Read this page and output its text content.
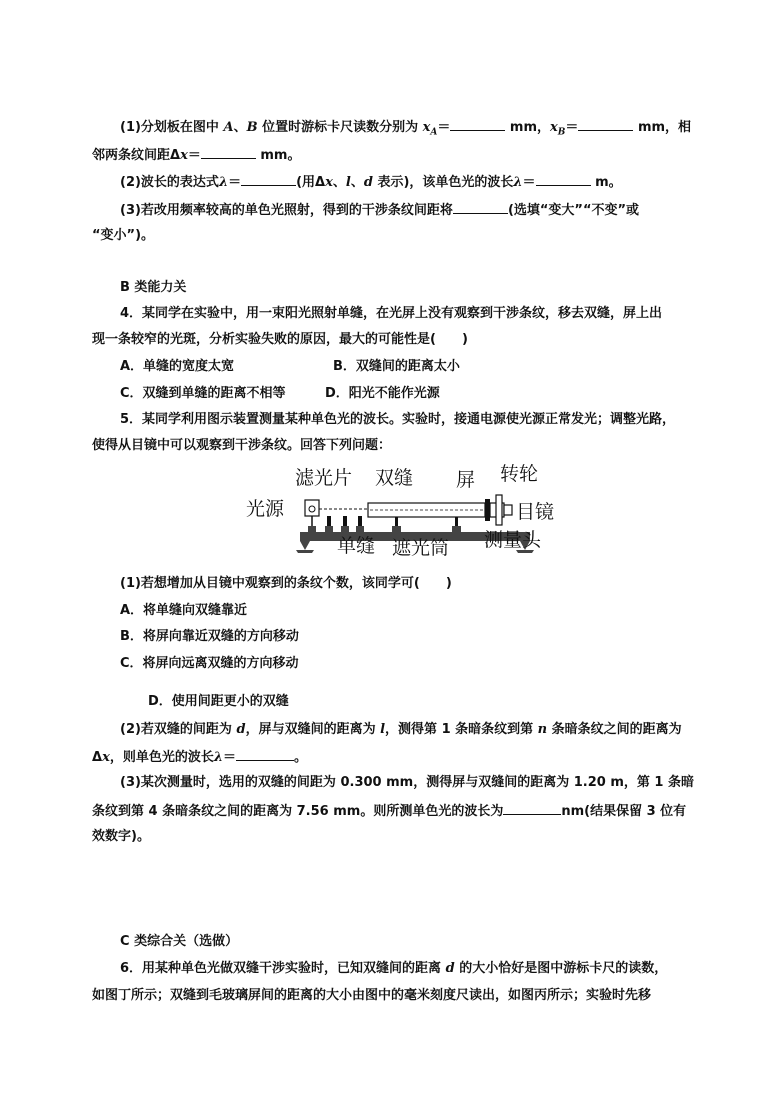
(1)分划板在图中 A、B 位置时游标卡尺读数分别为 $x_A=$	mm，$x_B=$	mm，相
邻两条纹间距Δx＝	mm。
(2)波长的表达式λ＝	(用Δx、l、d 表示)，该单色光的波长λ＝	m。
(3)若改用频率较高的单色光照射，得到的干涉条纹间距将	(选填“变大”“不变”或
“变小”)。
B 类能力关
4．某同学在实验中，用一束阳光照射单缝，在光屏上没有观察到干涉条纹，移去双缝，屏上出
现一条较窄的光斑，分析实验失败的原因，最大的可能性是(　　)
A．单缝的宽度太宽	B．双缝间的距离太小
C．双缝到单缝的距离不相等	D．阳光不能作光源
5．某同学利用图示装置测量某种单色光的波长。实验时，接通电源使光源正常发光；调整光路，
使得从目镜中可以观察到干涉条纹。回答下列问题：
滤光片 双缝 屏 转轮
光源	目镜
单缝 遮光筒 测量头
(1)若想增加从目镜中观察到的条纹个数，该同学可(　　)
A．将单缝向双缝靠近
B．将屏向靠近双缝的方向移动
C．将屏向远离双缝的方向移动
D．使用间距更小的双缝
(2)若双缝的间距为 d，屏与双缝间的距离为 l，测得第 1 条暗条纹到第 n 条暗条纹之间的距离为
Δx，则单色光的波长λ＝	。
(3)某次测量时，选用的双缝的间距为 0.300 mm，测得屏与双缝间的距离为 1.20 m，第 1 条暗
条纹到第 4 条暗条纹之间的距离为 7.56 mm。则所测单色光的波长为	nm(结果保留 3 位有
效数字)。
C 类综合关（选做）
6．用某种单色光做双缝干涉实验时，已知双缝间的距离 d 的大小恰好是图中游标卡尺的读数，
如图丁所示；双缝到毛玻璃屏间的距离的大小由图中的毫米刻度尺读出，如图丙所示；实验时先移
